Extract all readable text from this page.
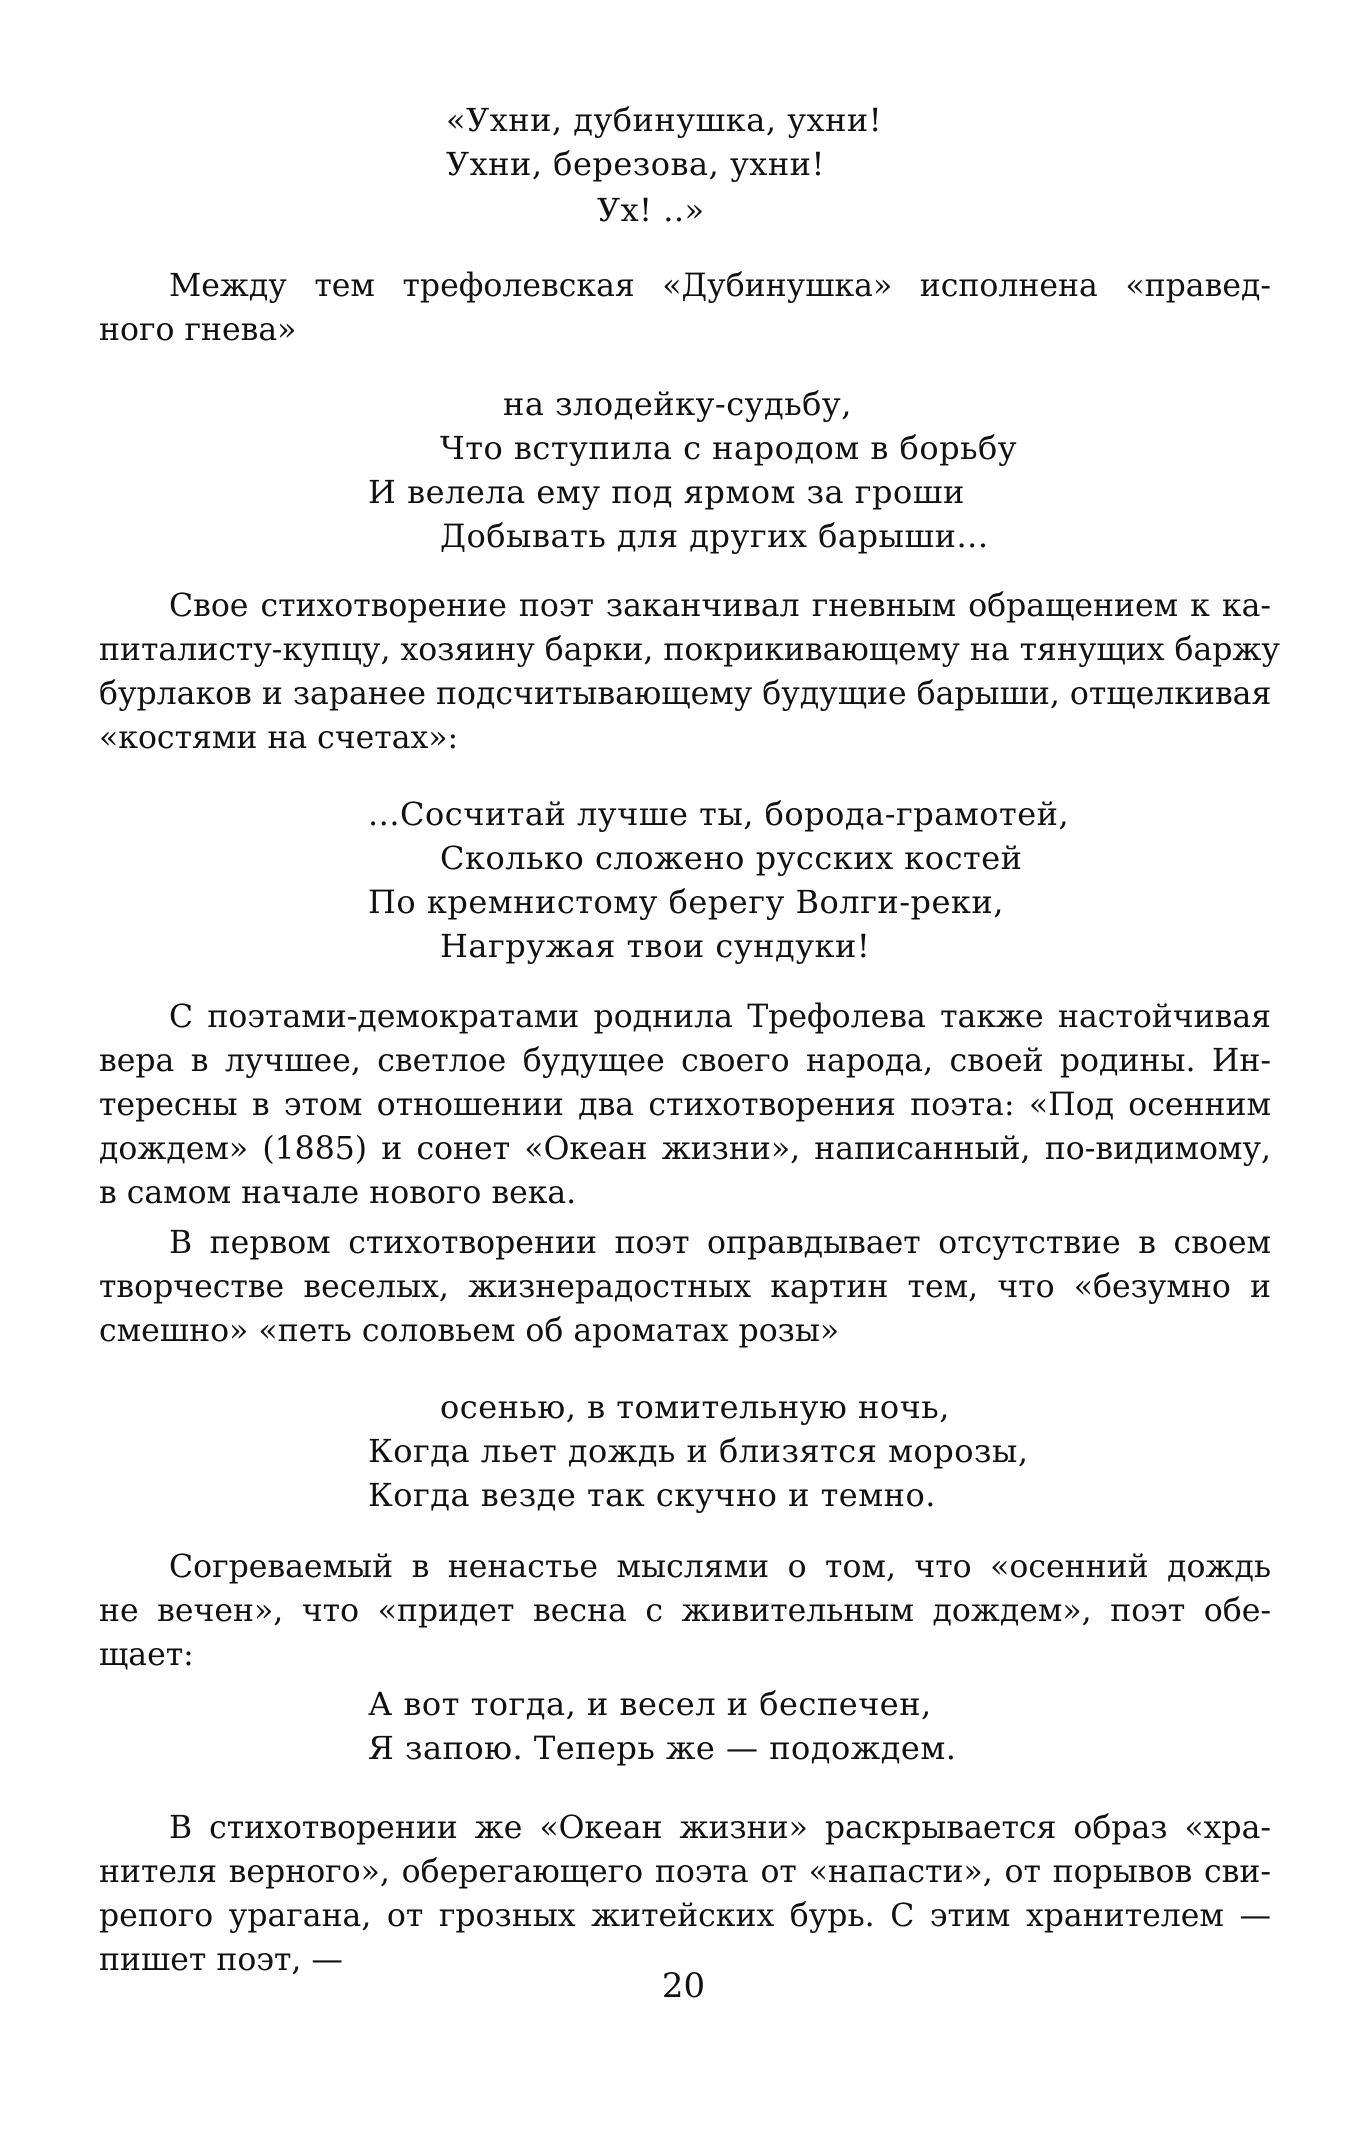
«Ухни, дубинушка, ухни!
Ухни, березова, ухни!
Ух! ..»
Между тем трефолевская «Дубинушка» исполнена «правед-
ного гнева»
на злодейку-судьбу,
Что вступила с народом в борьбу
И велела ему под ярмом за гроши
Добывать для других барыши...
Свое стихотворение поэт заканчивал гневным обращением к ка-
питалисту-купцу, хозяину барки, покрикивающему на тянущих баржу
бурлаков и заранее подсчитывающему будущие барыши, отщелкивая
«костями на счетах»:
...Сосчитай лучше ты, борода-грамотей,
Сколько сложено русских костей
По кремнистому берегу Волги-реки,
Нагружая твои сундуки!
С поэтами-демократами роднила Трефолева также настойчивая
вера в лучшее, светлое будущее своего народа, своей родины. Ин-
тересны в этом отношении два стихотворения поэта: «Под осенним
дождем» (1885) и сонет «Океан жизни», написанный, по-видимому,
в самом начале нового века.
В первом стихотворении поэт оправдывает отсутствие в своем
творчестве веселых, жизнерадостных картин тем, что «безумно и
смешно» «петь соловьем об ароматах розы»
осенью, в томительную ночь,
Когда льет дождь и близятся морозы,
Когда везде так скучно и темно.
Согреваемый в ненастье мыслями о том, что «осенний дождь
не вечен», что «придет весна с живительным дождем», поэт обе-
щает:
А вот тогда, и весел и беспечен,
Я запою. Теперь же — подождем.
В стихотворении же «Океан жизни» раскрывается образ «хра-
нителя верного», оберегающего поэта от «напасти», от порывов сви-
репого урагана, от грозных житейских бурь. С этим хранителем —
пишет поэт, —
20
